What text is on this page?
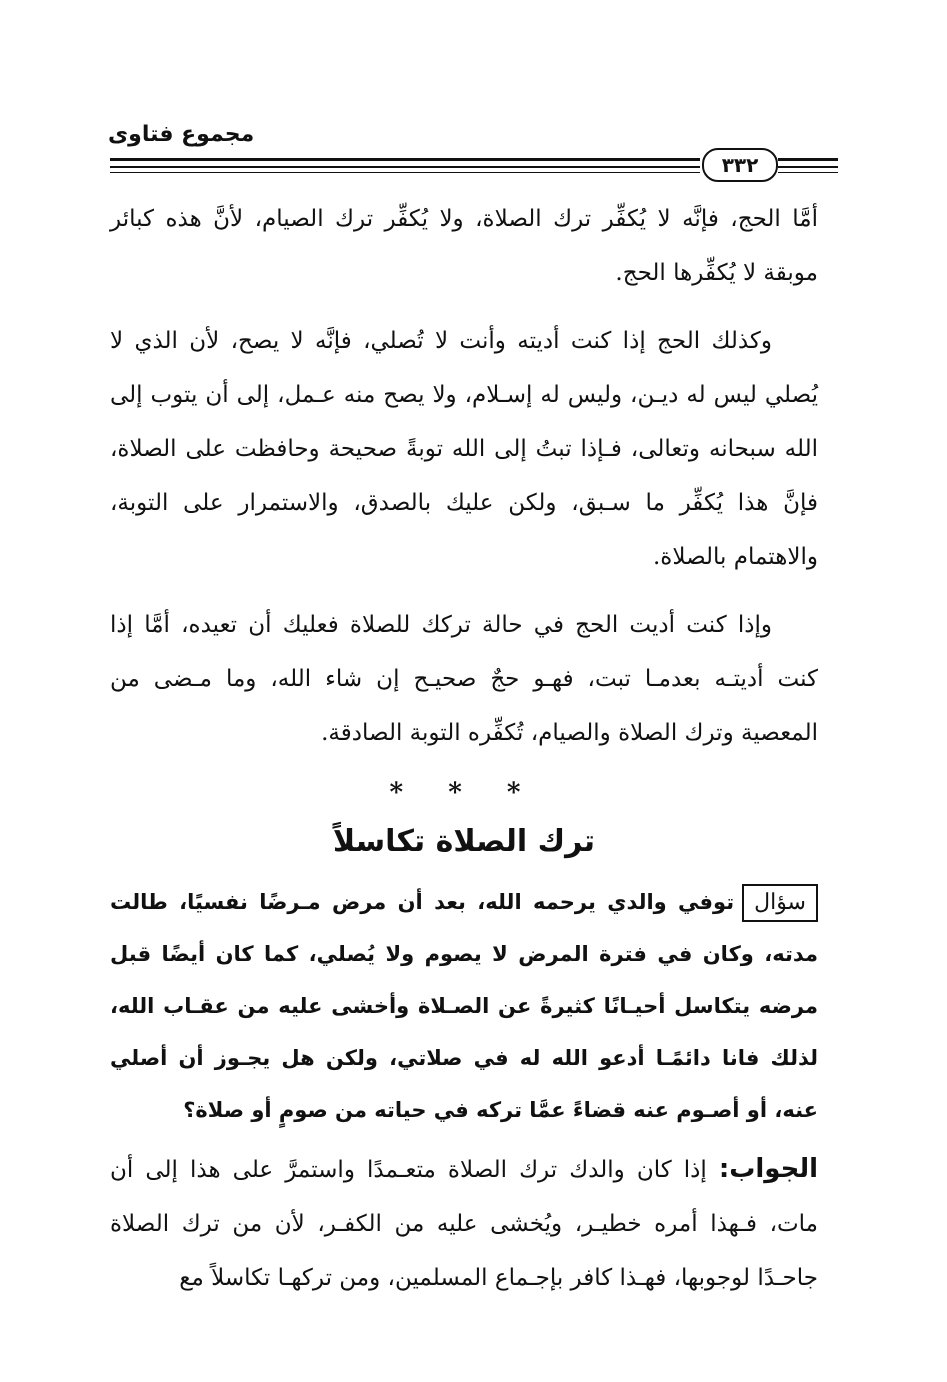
مجموع فتاوى
٣٣٢

أمَّا الحج، فإنَّه لا يُكفِّر ترك الصلاة، ولا يُكفِّر ترك الصيام، لأنَّ هذه كبائر موبقة لا يُكفِّرها الحج.

وكذلك الحج إذا كنت أديته وأنت لا تُصلي، فإنَّه لا يصح، لأن الذي لا يُصلي ليس له ديـن، وليس له إسـلام، ولا يصح منه عـمل، إلى أن يتوب إلى الله سبحانه وتعالى، فـإذا تبتُ إلى الله توبةً صحيحة وحافظت على الصلاة، فإنَّ هذا يُكفِّر ما سـبق، ولكن عليك بالصدق، والاستمرار على التوبة، والاهتمام بالصلاة.

وإذا كنت أديت الحج في حالة تركك للصلاة فعليك أن تعيده، أمَّا إذا كنت أديتـه بعدمـا تبت، فهـو حجٌ صحيـح إن شاء الله، وما مـضى من المعصية وترك الصلاة والصيام، تُكفِّره التوبة الصادقة.

* * *
ترك الصلاة تكاسلاً

سؤالتوفي والدي يرحمه الله، بعد أن مرض مـرضًا نفسيًا، طالت مدته، وكان في فترة المرض لا يصوم ولا يُصلي، كما كان أيضًا قبل مرضه يتكاسل أحيـانًا كثيرةً عن الصـلاة وأخشى عليه من عقـاب الله، لذلك فانا دائمًـا أدعو الله له في صلاتي، ولكن هل يجـوز أن أصلي عنه، أو أصـوم عنه قضاءً عمَّا تركه في حياته من صومٍ أو صلاة؟

الجواب: إذا كان والدك ترك الصلاة متعـمدًا واستمرَّ على هذا إلى أن مات، فـهذا أمره خطيـر، ويُخشى عليه من الكفـر، لأن من ترك الصلاة جاحـدًا لوجوبها، فهـذا كافر بإجـماع المسلمين، ومن تركهـا تكاسلاً مع
